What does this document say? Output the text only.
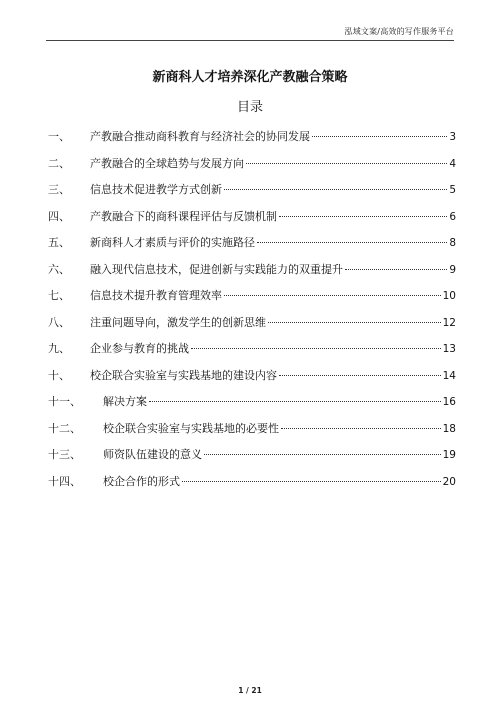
泓域文案/高效的写作服务平台
新商科人才培养深化产教融合策略
目录
一、	产教融合推动商科教育与经济社会的协同发展	3
二、	产教融合的全球趋势与发展方向	4
三、	信息技术促进教学方式创新	5
四、	产教融合下的商科课程评估与反馈机制	6
五、	新商科人才素质与评价的实施路径	8
六、	融入现代信息技术，促进创新与实践能力的双重提升	9
七、	信息技术提升教育管理效率	10
八、	注重问题导向，激发学生的创新思维	12
九、	企业参与教育的挑战	13
十、	校企联合实验室与实践基地的建设内容	14
十一、	解决方案	16
十二、	校企联合实验室与实践基地的必要性	18
十三、	师资队伍建设的意义	19
十四、	校企合作的形式	20
1 / 21
